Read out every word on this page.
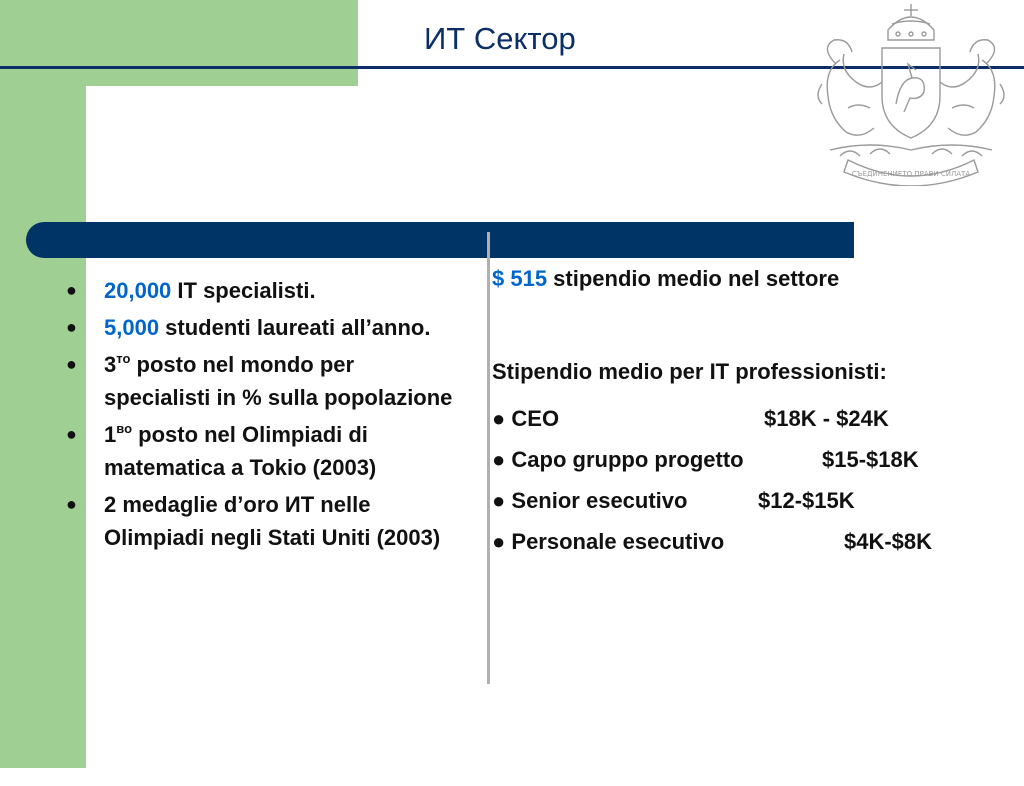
ИТ Сектор
СЪЕДИНЕНИЕТО ПРАВИ СИЛАТА
● 20,000 IT specialisti.
● 5,000 studenti laureati all’anno.
● $3^{то}$ posto nel mondo per specialisti in % sulla popolazione
● $1^{во}$ posto nel Olimpiadi di matematica a Tokio (2003)
● 2 medaglie d’oro ИТ nelle Olimpiadi negli Stati Uniti (2003)

$ 515 stipendio medio nel settore

Stipendio medio per IT professionisti:

● CEO	$18K - $24K
● Capo gruppo progetto	$15-$18K
● Senior esecutivo	$12-$15K
● Personale esecutivo	$4K-$8K
